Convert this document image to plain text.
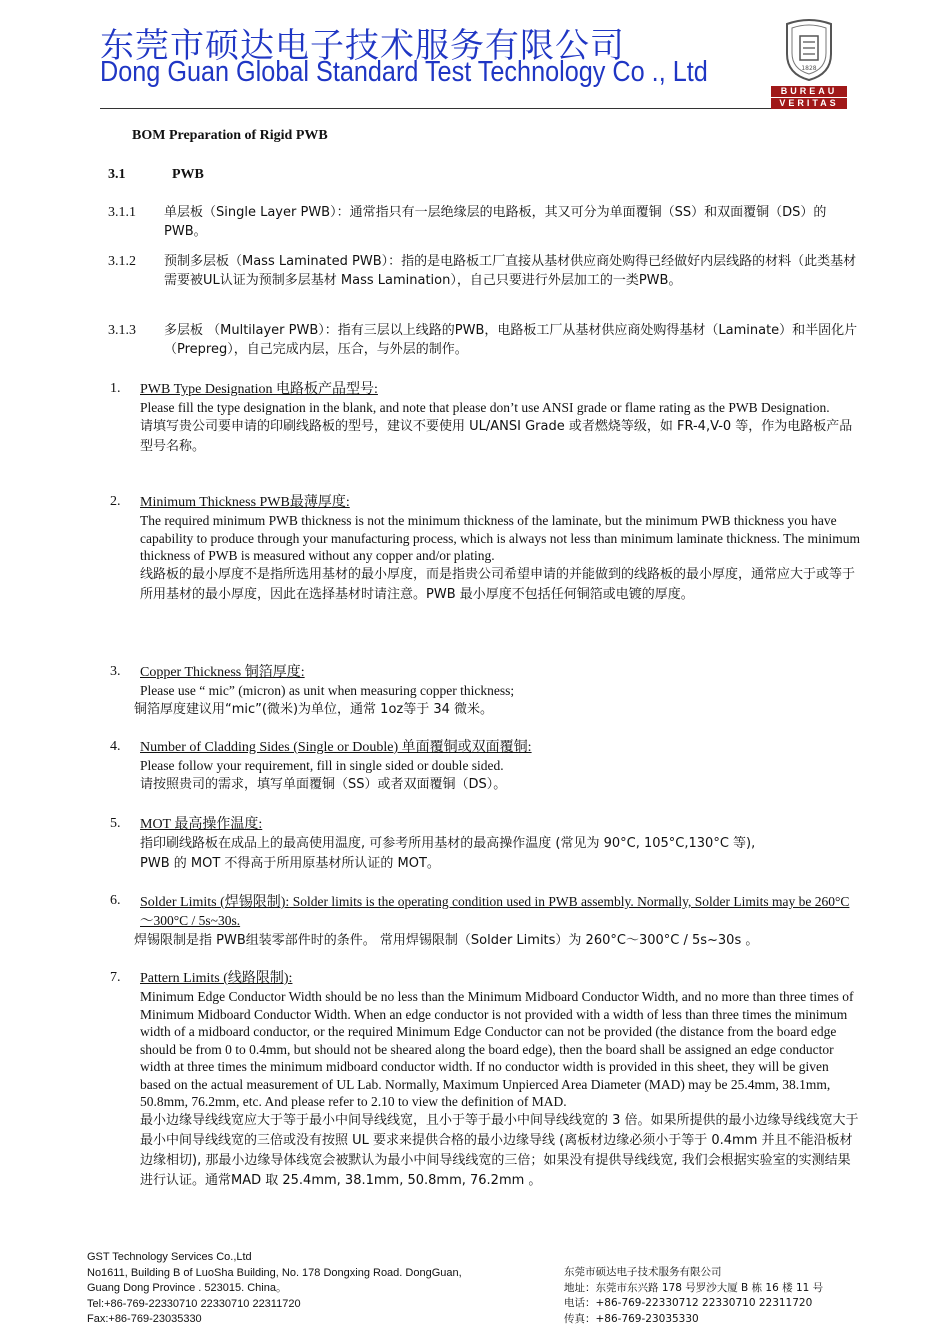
东莞市硕达电子技术服务有限公司
Dong Guan Global Standard Test Technology Co ., Ltd	1828
BUREAU
VERITAS
BOM Preparation of Rigid PWB
3.1	PWB
3.1.1 单层板（Single Layer PWB）：通常指只有一层绝缘层的电路板，其又可分为单面覆铜（SS）和双面覆铜（DS）的PWB。
3.1.2 预制多层板（Mass Laminated PWB）：指的是电路板工厂直接从基材供应商处购得已经做好内层线路的材料（此类基材需要被UL认证为预制多层基材 Mass Lamination），自己只要进行外层加工的一类PWB。
3.1.3 多层板 （Multilayer PWB）：指有三层以上线路的PWB，电路板工厂从基材供应商处购得基材（Laminate）和半固化片（Prepreg），自己完成内层，压合，与外层的制作。
1. PWB Type Designation 电路板产品型号:
Please fill the type designation in the blank, and note that please don’t use ANSI grade or flame rating as the PWB Designation.
请填写贵公司要申请的印刷线路板的型号，建议不要使用 UL/ANSI Grade 或者燃烧等级，如 FR-4,V-0 等，作为电路板产品型号名称。
2. Minimum Thickness PWB最薄厚度:
The required minimum PWB thickness is not the minimum thickness of the laminate, but the minimum PWB thickness you have capability to produce through your manufacturing process, which is always not less than minimum laminate thickness. The minimum thickness of PWB is measured without any copper and/or plating.
线路板的最小厚度不是指所选用基材的最小厚度，而是指贵公司希望申请的并能做到的线路板的最小厚度，通常应大于或等于所用基材的最小厚度，因此在选择基材时请注意。PWB 最小厚度不包括任何铜箔或电镀的厚度。
3. Copper Thickness 铜箔厚度:
Please use “ mic” (micron) as unit when measuring copper thickness;
铜箔厚度建议用“mic”(微米)为单位，通常 1oz等于 34 微米。
4. Number of Cladding Sides (Single or Double) 单面覆铜或双面覆铜:
Please follow your requirement, fill in single sided or double sided.
请按照贵司的需求，填写单面覆铜（SS）或者双面覆铜（DS）。
5. MOT 最高操作温度:
指印刷线路板在成品上的最高使用温度, 可参考所用基材的最高操作温度 (常见为 90°C, 105°C,130°C 等),
PWB 的 MOT 不得高于所用原基材所认证的 MOT。
6. Solder Limits (焊锡限制): Solder limits is the operating condition used in PWB assembly. Normally, Solder Limits may be 260°C～300°C / 5s~30s.
焊锡限制是指 PWB组装零部件时的条件。 常用焊锡限制（Solder Limits）为 260°C～300°C / 5s~30s 。
7. Pattern Limits (线路限制):
Minimum Edge Conductor Width should be no less than the Minimum Midboard Conductor Width, and no more than three times of Minimum Midboard Conductor Width. When an edge conductor is not provided with a width of less than three times the minimum width of a midboard conductor, or the required Minimum Edge Conductor can not be provided (the distance from the board edge should be from 0 to 0.4mm, but should not be sheared along the board edge), then the board shall be assigned an edge conductor width at three times the minimum midboard conductor width. If no conductor width is provided in this sheet, they will be given based on the actual measurement of UL Lab. Normally, Maximum Unpierced Area Diameter (MAD) may be 25.4mm, 38.1mm, 50.8mm, 76.2mm, etc. And please refer to 2.10 to view the definition of MAD.
最小边缘导线线宽应大于等于最小中间导线线宽，且小于等于最小中间导线线宽的 3 倍。如果所提供的最小边缘导线线宽大于最小中间导线线宽的三倍或没有按照 UL 要求来提供合格的最小边缘导线 (离板材边缘必须小于等于 0.4mm 并且不能沿板材边缘相切), 那最小边缘导体线宽会被默认为最小中间导线线宽的三倍；如果没有提供导线线宽, 我们会根据实验室的实测结果进行认证。通常MAD 取 25.4mm, 38.1mm, 50.8mm, 76.2mm 。
GST Technology Services Co.,Ltd
No1611, Building B of LuoSha Building, No. 178 Dongxing Road. DongGuan,
Guang Dong Province . 523015. China。
Tel:+86-769-22330710 22330710 22311720
Fax:+86-769-23035330
东莞市硕达电子技术服务有限公司
地址：东莞市东兴路 178 号罗沙大厦 B 栋 16 楼 11 号
电话：+86-769-22330712 22330710 22311720
传真：+86-769-23035330
